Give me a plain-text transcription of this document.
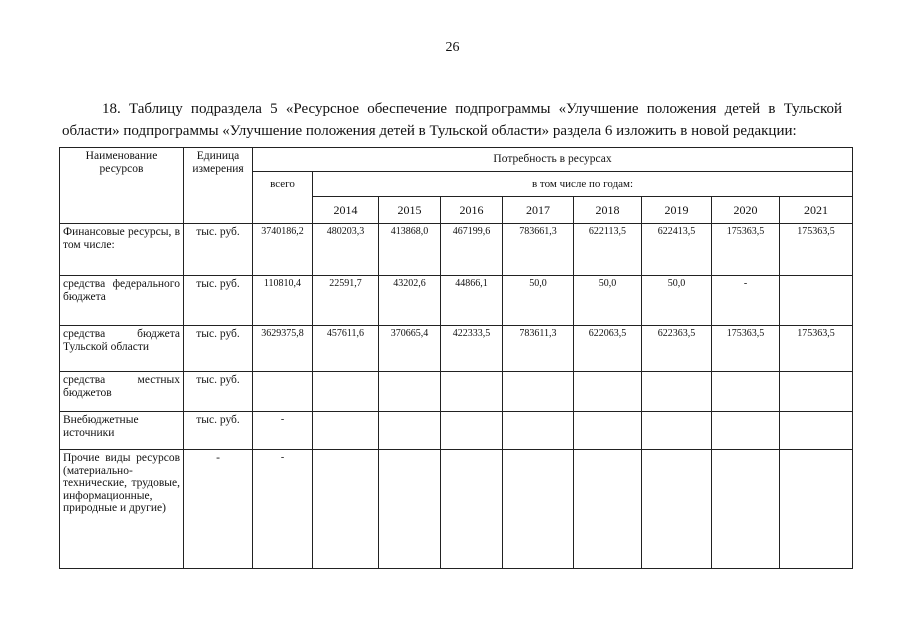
26

18. Таблицу подраздела 5 «Ресурсное обеспечение подпрограммы «Улучшение положения детей в Тульской области» подпрограммы «Улучшение положения детей в Тульской области» раздела 6 изложить в новой редакции:

Наименование ресурсов	Единица измерения	Потребность в ресурсах								
		всего	в том числе по годам:							
			2014	2015	2016	2017	2018	2019	2020	2021
Финансовые ресурсы, в том числе:	тыс. руб.	3740186,2	480203,3	413868,0	467199,6	783661,3	622113,5	622413,5	175363,5	175363,5
средства федерального бюджета	тыс. руб.	110810,4	22591,7	43202,6	44866,1	50,0	50,0	50,0	-	
средства бюджета Тульской области	тыс. руб.	3629375,8	457611,6	370665,4	422333,5	783611,3	622063,5	622363,5	175363,5	175363,5
средства местных бюджетов	тыс. руб.									
Внебюджетные источники	тыс. руб.	-								
Прочие виды ресурсов (материально-технические, трудовые, информационные, природные и другие)	-	-								
